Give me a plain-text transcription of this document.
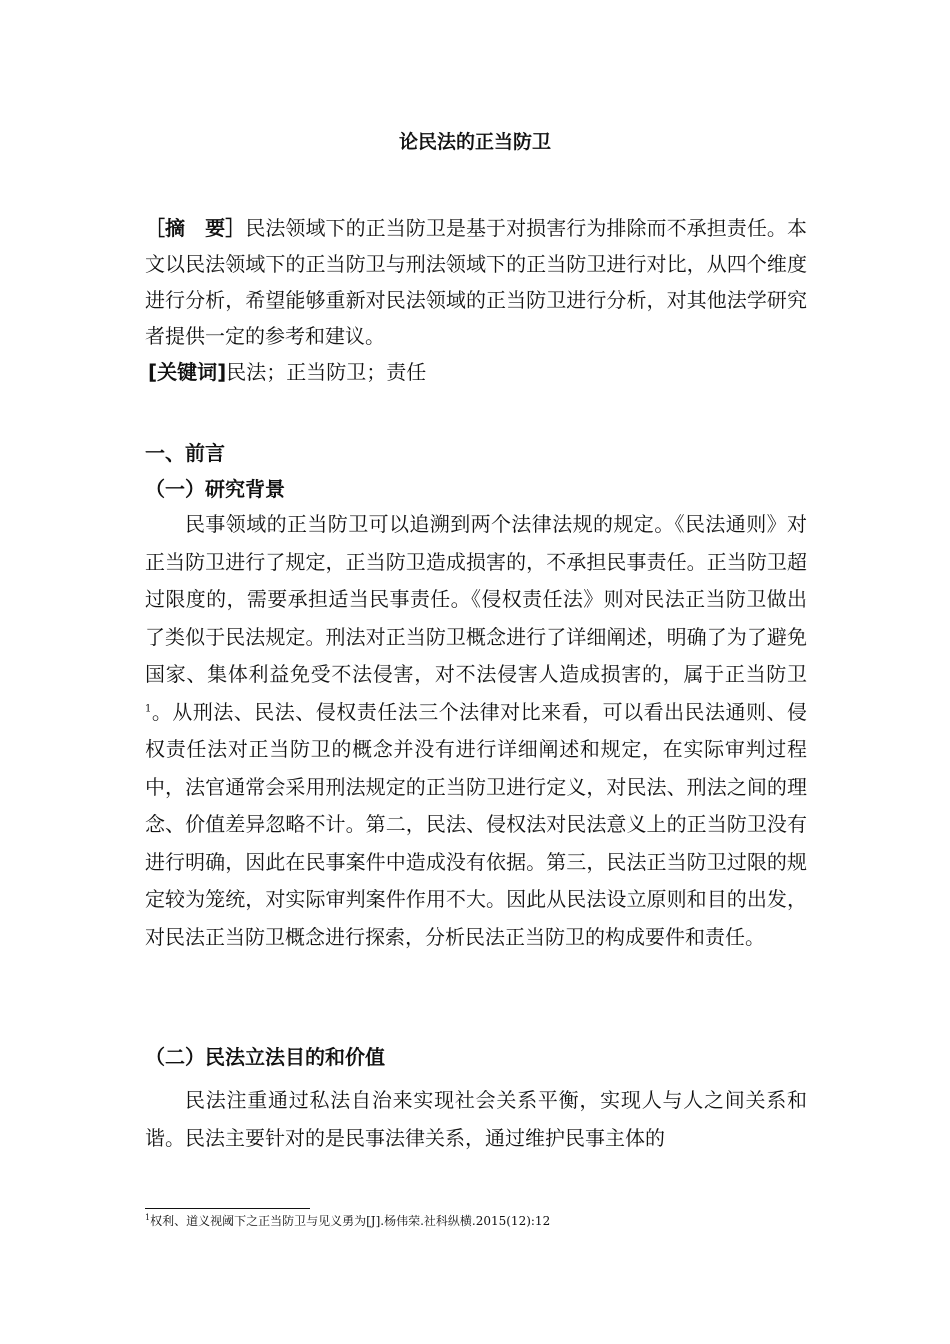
论民法的正当防卫

［摘　要］民法领域下的正当防卫是基于对损害行为排除而不承担责任。本文以民法领域下的正当防卫与刑法领域下的正当防卫进行对比，从四个维度进行分析，希望能够重新对民法领域的正当防卫进行分析，对其他法学研究者提供一定的参考和建议。

[关键词]民法；正当防卫；责任

一、前言
（一）研究背景

民事领域的正当防卫可以追溯到两个法律法规的规定。《民法通则》对正当防卫进行了规定，正当防卫造成损害的，不承担民事责任。正当防卫超过限度的，需要承担适当民事责任。《侵权责任法》则对民法正当防卫做出了类似于民法规定。刑法对正当防卫概念进行了详细阐述，明确了为了避免国家、集体利益免受不法侵害，对不法侵害人造成损害的，属于正当防卫$^1$。从刑法、民法、侵权责任法三个法律对比来看，可以看出民法通则、侵权责任法对正当防卫的概念并没有进行详细阐述和规定，在实际审判过程中，法官通常会采用刑法规定的正当防卫进行定义，对民法、刑法之间的理念、价值差异忽略不计。第二，民法、侵权法对民法意义上的正当防卫没有进行明确，因此在民事案件中造成没有依据。第三，民法正当防卫过限的规定较为笼统，对实际审判案件作用不大。因此从民法设立原则和目的出发，对民法正当防卫概念进行探索，分析民法正当防卫的构成要件和责任。

（二）民法立法目的和价值

民法注重通过私法自治来实现社会关系平衡，实现人与人之间关系和谐。民法主要针对的是民事法律关系，通过维护民事主体的

$^1$权利、道义视阈下之正当防卫与见义勇为[J].杨伟荣.社科纵横.2015(12):12
